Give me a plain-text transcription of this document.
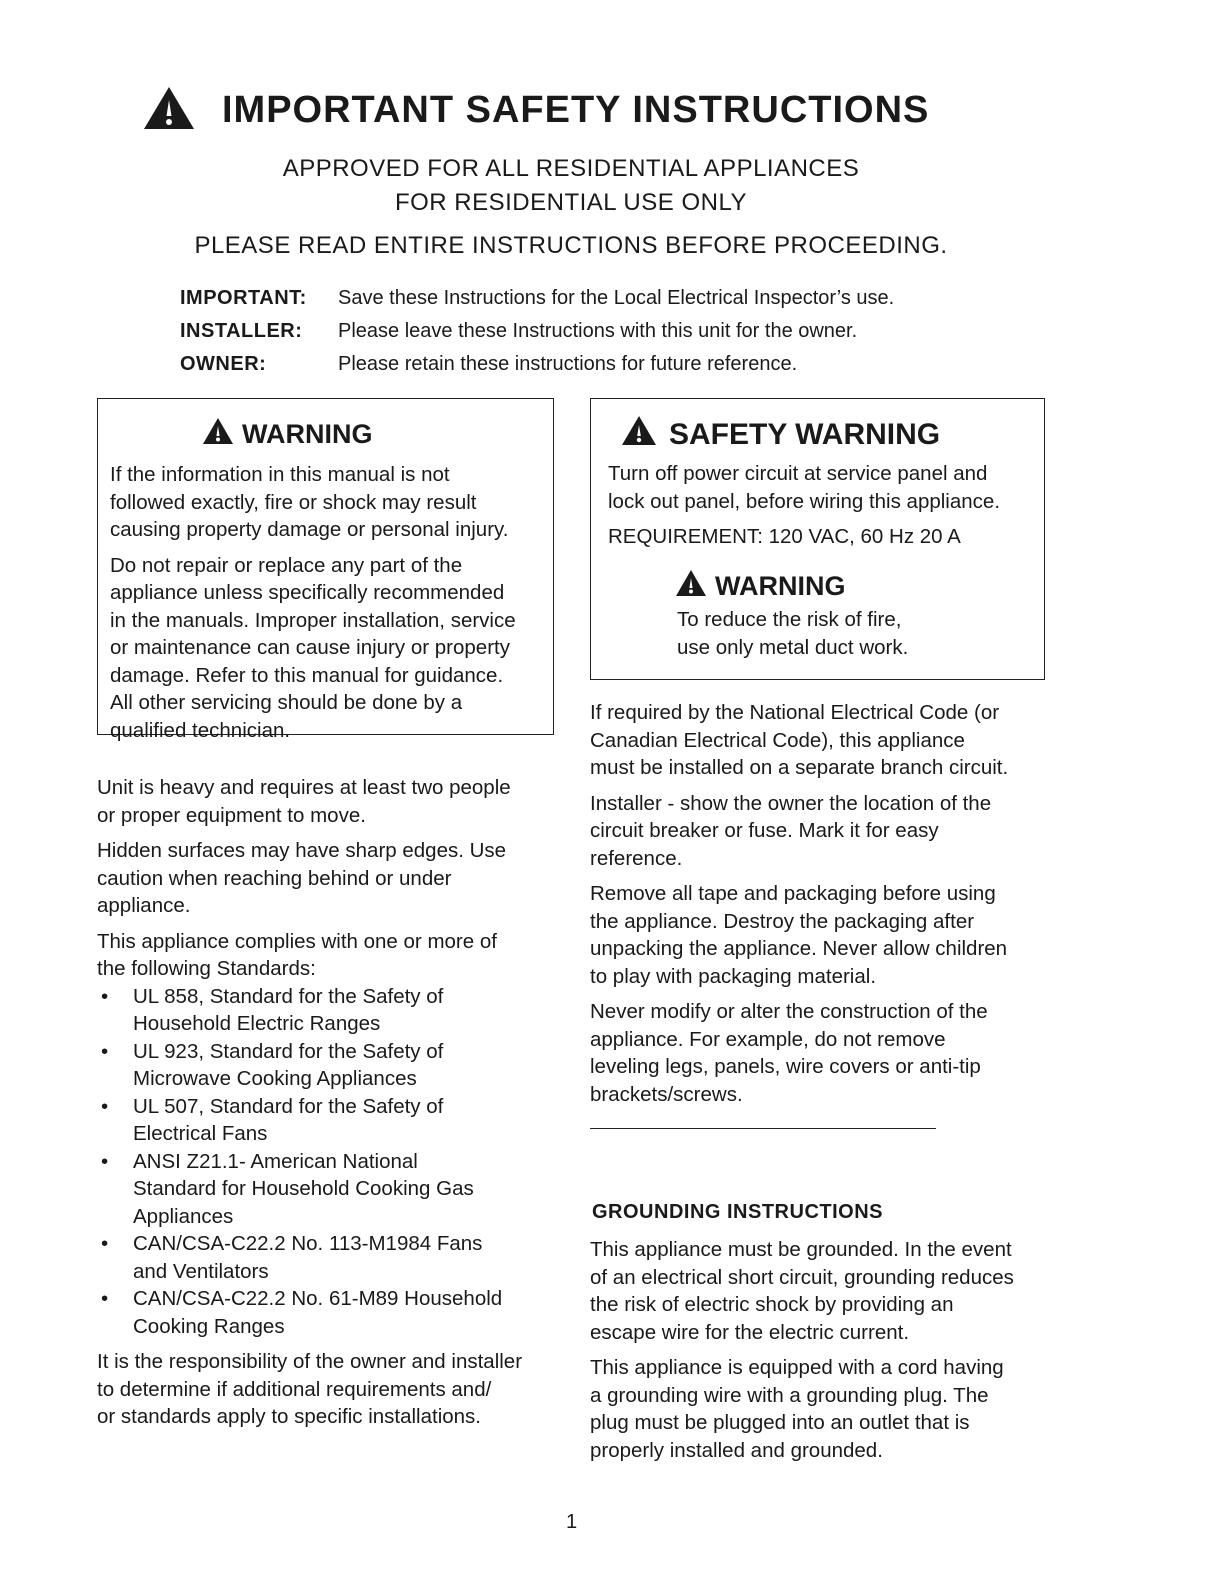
IMPORTANT SAFETY INSTRUCTIONS
APPROVED FOR ALL RESIDENTIAL APPLIANCES
FOR RESIDENTIAL USE ONLY
PLEASE READ ENTIRE INSTRUCTIONS BEFORE PROCEEDING.
IMPORTANT:	Save these Instructions for the Local Electrical Inspector’s use.
INSTALLER:	Please leave these Instructions with this unit for the owner.
OWNER:	Please retain these instructions for future reference.
WARNING

If the information in this manual is not

followed exactly, fire or shock may result

causing property damage or personal injury.

Do not repair or replace any part of the

appliance unless specifically recommended

in the manuals. Improper installation, service

or maintenance can cause injury or property

damage. Refer to this manual for guidance.

All other servicing should be done by a

qualified technician.

Unit is heavy and requires at least two people

or proper equipment to move.

Hidden surfaces may have sharp edges. Use

caution when reaching behind or under

appliance.

This appliance complies with one or more of

the following Standards:

•	UL 858, Standard for the Safety of

Household Electric Ranges

•	UL 923, Standard for the Safety of

Microwave Cooking Appliances

•	UL 507, Standard for the Safety of

Electrical Fans

•	ANSI Z21.1- American National

Standard for Household Cooking Gas

Appliances

•	CAN/CSA-C22.2 No. 113-M1984 Fans

and Ventilators

•	CAN/CSA-C22.2 No. 61-M89 Household

Cooking Ranges

It is the responsibility of the owner and installer

to determine if additional requirements and/

or standards apply to specific installations.

SAFETY WARNING

Turn off power circuit at service panel and

lock out panel, before wiring this appliance.

REQUIREMENT: 120 VAC, 60 Hz 20 A

WARNING

To reduce the risk of fire,

use only metal duct work.

If required by the National Electrical Code (or

Canadian Electrical Code), this appliance

must be installed on a separate branch circuit.

Installer - show the owner the location of the

circuit breaker or fuse. Mark it for easy

reference.

Remove all tape and packaging before using

the appliance. Destroy the packaging after

unpacking the appliance. Never allow children

to play with packaging material.

Never modify or alter the construction of the

appliance. For example, do not remove

leveling legs, panels, wire covers or anti-tip

brackets/screws.

GROUNDING INSTRUCTIONS

This appliance must be grounded. In the event

of an electrical short circuit, grounding reduces

the risk of electric shock by providing an

escape wire for the electric current.

This appliance is equipped with a cord having

a grounding wire with a grounding plug. The

plug must be plugged into an outlet that is

properly installed and grounded.

1
